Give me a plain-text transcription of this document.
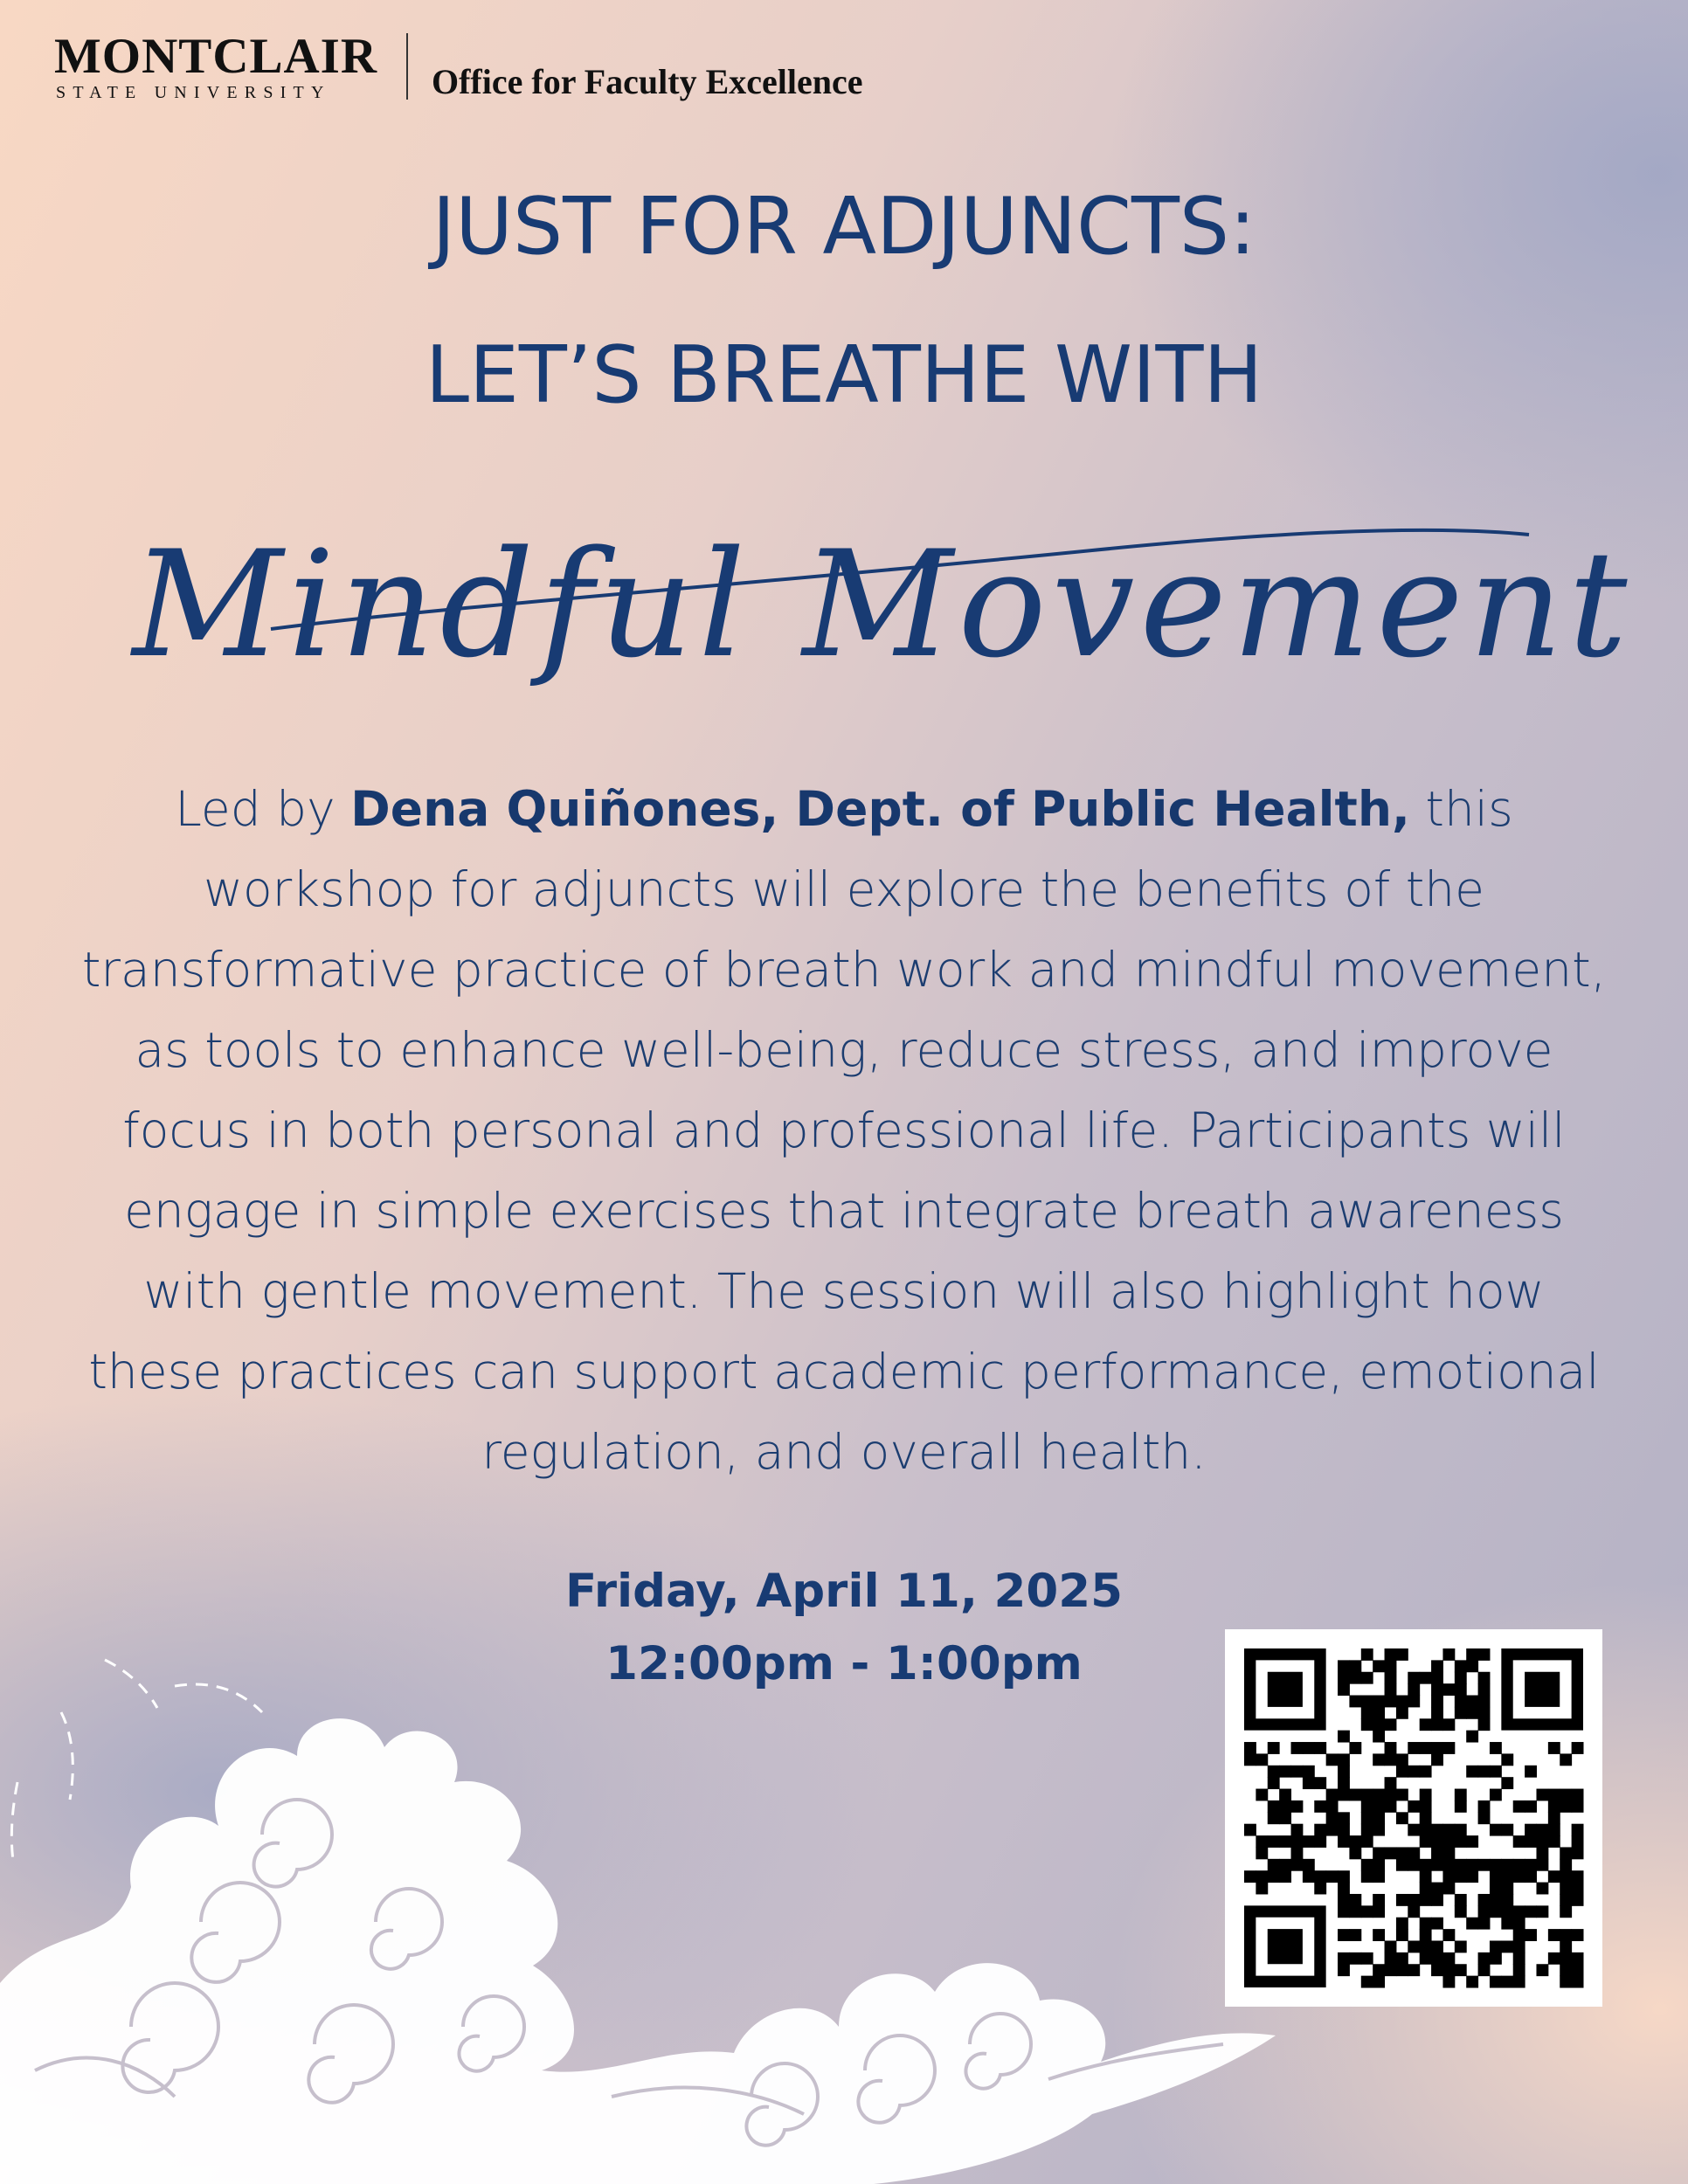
MONTCLAIR
STATE UNIVERSITY	Office for Faculty Excellence
JUST FOR ADJUNCTS:
LET’S BREATHE WITH
Mindful Movement
Led by Dena Quiñones, Dept. of Public Health, this workshop for adjuncts will explore the benefits of the transformative practice of breath work and mindful movement, as tools to enhance well-being, reduce stress, and improve focus in both personal and professional life. Participants will engage in simple exercises that integrate breath awareness with gentle movement. The session will also highlight how these practices can support academic performance, emotional regulation, and overall health.
Friday, April 11, 2025
12:00pm - 1:00pm
